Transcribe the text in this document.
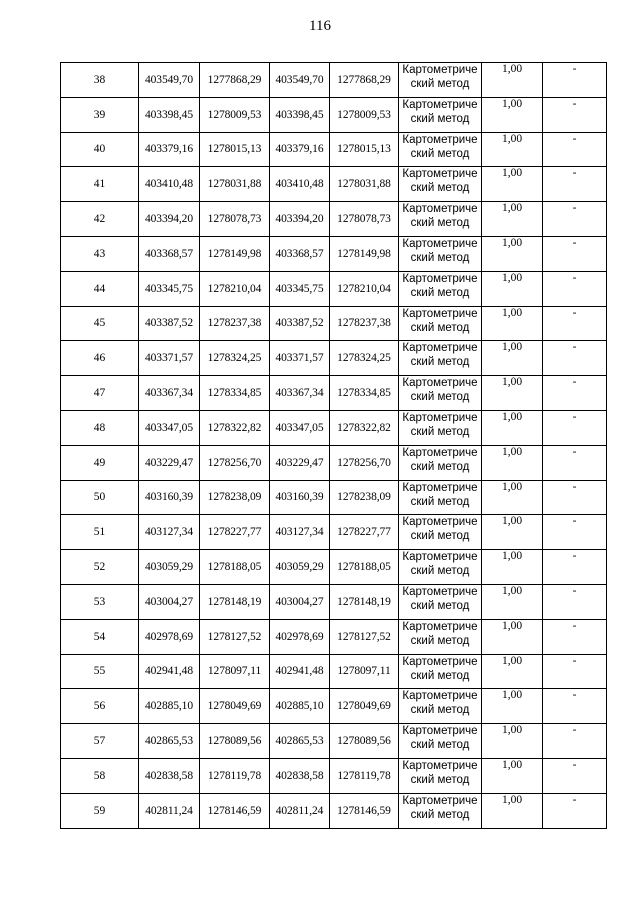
116
38	403549,70	1277868,29	403549,70	1277868,29	Картометриче
ский метод	1,00	-
39	403398,45	1278009,53	403398,45	1278009,53	Картометриче
ский метод	1,00	-
40	403379,16	1278015,13	403379,16	1278015,13	Картометриче
ский метод	1,00	-
41	403410,48	1278031,88	403410,48	1278031,88	Картометриче
ский метод	1,00	-
42	403394,20	1278078,73	403394,20	1278078,73	Картометриче
ский метод	1,00	-
43	403368,57	1278149,98	403368,57	1278149,98	Картометриче
ский метод	1,00	-
44	403345,75	1278210,04	403345,75	1278210,04	Картометриче
ский метод	1,00	-
45	403387,52	1278237,38	403387,52	1278237,38	Картометриче
ский метод	1,00	-
46	403371,57	1278324,25	403371,57	1278324,25	Картометриче
ский метод	1,00	-
47	403367,34	1278334,85	403367,34	1278334,85	Картометриче
ский метод	1,00	-
48	403347,05	1278322,82	403347,05	1278322,82	Картометриче
ский метод	1,00	-
49	403229,47	1278256,70	403229,47	1278256,70	Картометриче
ский метод	1,00	-
50	403160,39	1278238,09	403160,39	1278238,09	Картометриче
ский метод	1,00	-
51	403127,34	1278227,77	403127,34	1278227,77	Картометриче
ский метод	1,00	-
52	403059,29	1278188,05	403059,29	1278188,05	Картометриче
ский метод	1,00	-
53	403004,27	1278148,19	403004,27	1278148,19	Картометриче
ский метод	1,00	-
54	402978,69	1278127,52	402978,69	1278127,52	Картометриче
ский метод	1,00	-
55	402941,48	1278097,11	402941,48	1278097,11	Картометриче
ский метод	1,00	-
56	402885,10	1278049,69	402885,10	1278049,69	Картометриче
ский метод	1,00	-
57	402865,53	1278089,56	402865,53	1278089,56	Картометриче
ский метод	1,00	-
58	402838,58	1278119,78	402838,58	1278119,78	Картометриче
ский метод	1,00	-
59	402811,24	1278146,59	402811,24	1278146,59	Картометриче
ский метод	1,00	-
